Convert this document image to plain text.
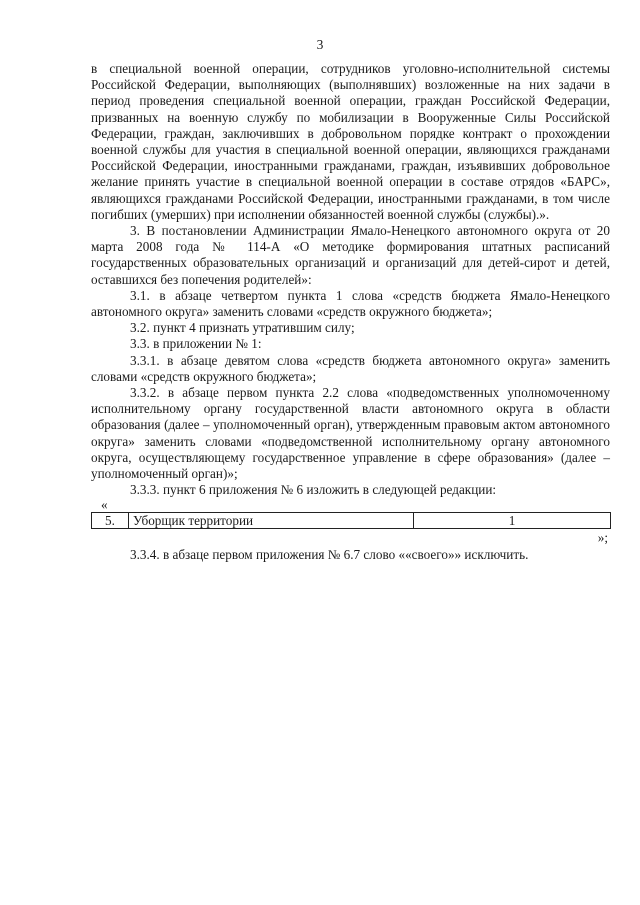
3

в специальной военной операции, сотрудников уголовно-исполнительной системы Российской Федерации, выполняющих (выполнявших) возложенные на них задачи в период проведения специальной военной операции, граждан Российской Федерации, призванных на военную службу по мобилизации в Вооруженные Силы Российской Федерации, граждан, заключивших в добровольном порядке контракт о прохождении военной службы для участия в специальной военной операции, являющихся гражданами Российской Федерации, иностранными гражданами, граждан, изъявивших добровольное желание принять участие в специальной военной операции в составе отрядов «БАРС», являющихся гражданами Российской Федерации, иностранными гражданами, в том числе погибших (умерших) при исполнении обязанностей военной службы (службы).».

3. В постановлении Администрации Ямало-Ненецкого автономного округа от 20 марта 2008 года № 114-А «О методике формирования штатных расписаний государственных образовательных организаций и организаций для детей-сирот и детей, оставшихся без попечения родителей»:

3.1. в абзаце четвертом пункта 1 слова «средств бюджета Ямало-Ненецкого автономного округа» заменить словами «средств окружного бюджета»;

3.2. пункт 4 признать утратившим силу;

3.3. в приложении № 1:

3.3.1. в абзаце девятом слова «средств бюджета автономного округа» заменить словами «средств окружного бюджета»;

3.3.2. в абзаце первом пункта 2.2 слова «подведомственных уполномоченному исполнительному органу государственной власти автономного округа в области образования (далее – уполномоченный орган), утвержденным правовым актом автономного округа» заменить словами «подведомственной исполнительному органу автономного округа, осуществляющему государственное управление в сфере образования» (далее – уполномоченный орган)»;

3.3.3. пункт 6 приложения № 6 изложить в следующей редакции:

«
5.	Уборщик территории	1
»;

3.3.4. в абзаце первом приложения № 6.7 слово ««своего»» исключить.
